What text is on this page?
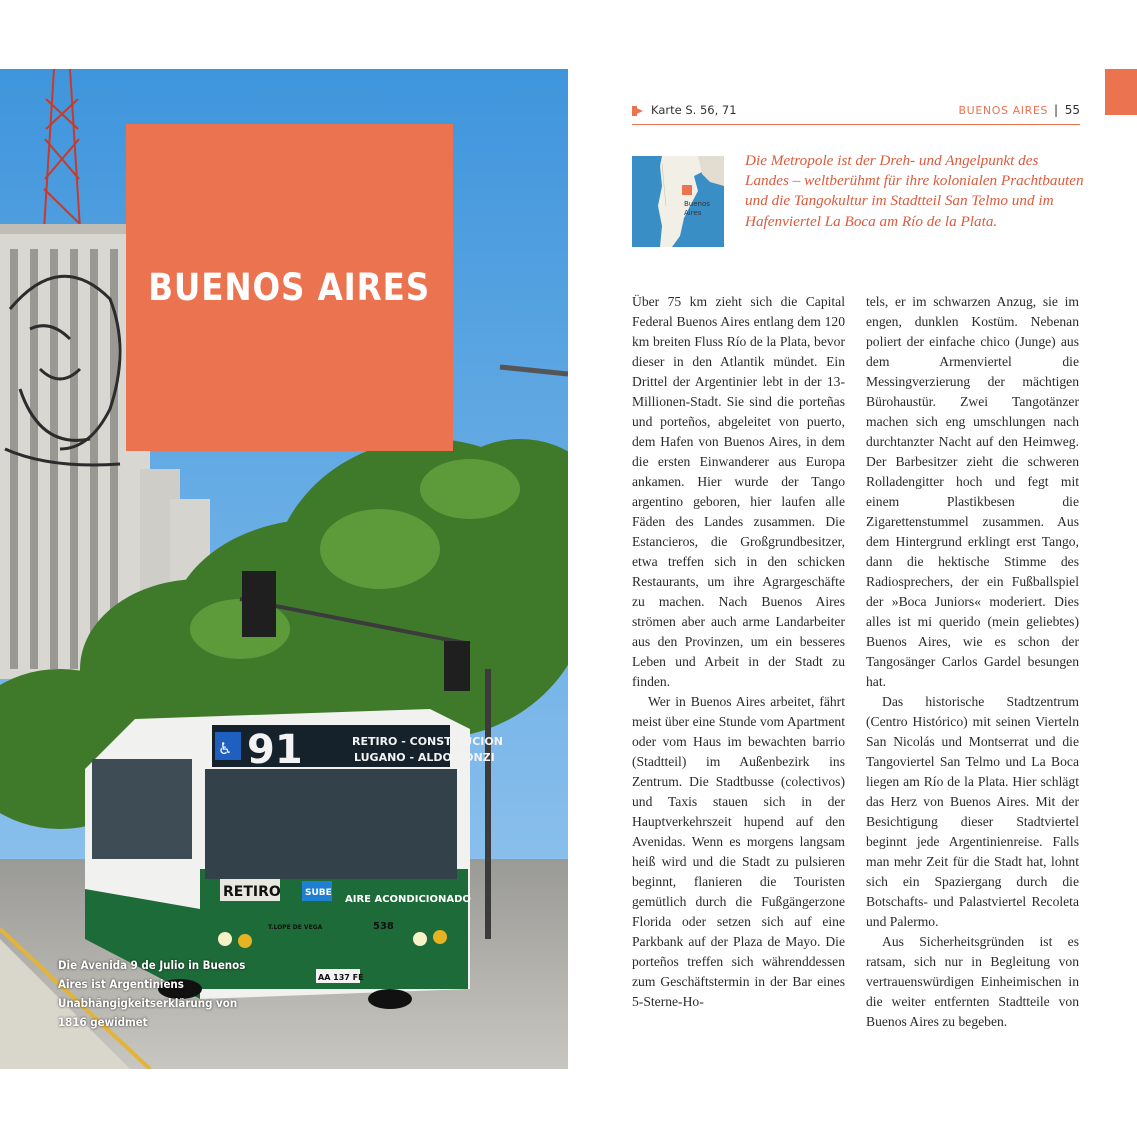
91	RETIRO - CONSTITUCION
LUGANO - ALDO BONZI
RETIRO	SUBE
AIRE ACONDICIONADO
538
T.LOPE DE VEGA
AA 137 FE
♿
BUENOS AIRES
Die Avenida 9 de Julio in Buenos Aires ist Argentiniens Unabhängigkeitserklärung von 1816 gewidmet
Karte S. 56, 71	BUENOS AIRES | 55
Buenos
Aires
Die Metropole ist der Dreh- und Angelpunkt des Landes – weltberühmt für ihre kolonialen Prachtbauten und die Tangokultur im Stadtteil San Telmo und im Hafenviertel La Boca am Río de la Plata.

Über 75 km zieht sich die Capital Federal Buenos Aires entlang dem 120 km breiten Fluss Río de la Plata, bevor dieser in den Atlantik mündet. Ein Drittel der Argentinier lebt in der 13-Millionen-Stadt. Sie sind die porteñas und porteños, abgeleitet von puerto, dem Hafen von Buenos Aires, in dem die ersten Einwanderer aus Europa ankamen. Hier wurde der Tango argentino geboren, hier laufen alle Fäden des Landes zusammen. Die Estancieros, die Großgrundbesitzer, etwa treffen sich in den schicken Restaurants, um ihre Agrargeschäfte zu machen. Nach Buenos Aires strömen aber auch arme Landarbeiter aus den Provinzen, um ein besseres Leben und Arbeit in der Stadt zu finden.

Wer in Buenos Aires arbeitet, fährt meist über eine Stunde vom Apartment oder vom Haus im bewachten barrio (Stadtteil) im Außenbezirk ins Zentrum. Die Stadtbusse (colectivos) und Taxis stauen sich in der Hauptverkehrszeit hupend auf den Avenidas. Wenn es morgens langsam heiß wird und die Stadt zu pulsieren beginnt, flanieren die Touristen gemütlich durch die Fußgängerzone Florida oder setzen sich auf eine Parkbank auf der Plaza de Mayo. Die porteños treffen sich währenddessen zum Geschäftstermin in der Bar eines 5-Sterne-Ho-

tels, er im schwarzen Anzug, sie im engen, dunklen Kostüm. Nebenan poliert der einfache chico (Junge) aus dem Armenviertel die Messingverzierung der mächtigen Bürohaustür. Zwei Tangotänzer machen sich eng umschlungen nach durchtanzter Nacht auf den Heimweg. Der Barbesitzer zieht die schweren Rolladengitter hoch und fegt mit einem Plastikbesen die Zigarettenstummel zusammen. Aus dem Hintergrund erklingt erst Tango, dann die hektische Stimme des Radiosprechers, der ein Fußballspiel der »Boca Juniors« moderiert. Dies alles ist mi querido (mein geliebtes) Buenos Aires, wie es schon der Tangosänger Carlos Gardel besungen hat.

Das historische Stadtzentrum (Centro Histórico) mit seinen Vierteln San Nicolás und Montserrat und die Tangoviertel San Telmo und La Boca liegen am Río de la Plata. Hier schlägt das Herz von Buenos Aires. Mit der Besichtigung dieser Stadtviertel beginnt jede Argentinienreise. Falls man mehr Zeit für die Stadt hat, lohnt sich ein Spaziergang durch die Botschafts- und Palastviertel Recoleta und Palermo.

Aus Sicherheitsgründen ist es ratsam, sich nur in Begleitung von vertrauenswürdigen Einheimischen in die weiter entfernten Stadtteile von Buenos Aires zu begeben.
